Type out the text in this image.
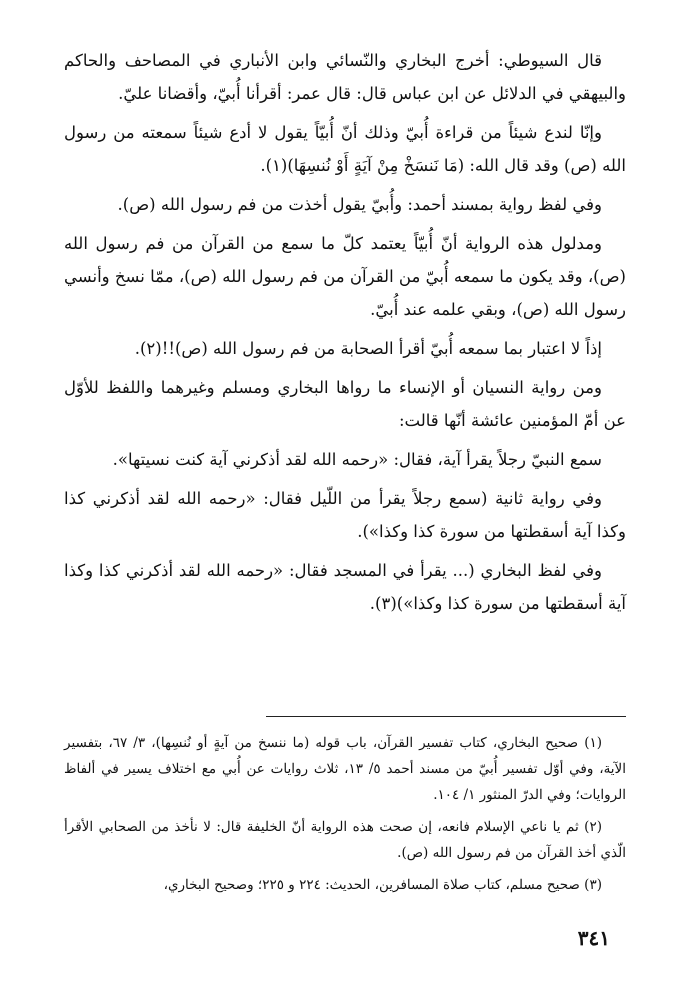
قال السيوطي: أخرج البخاري والنّسائي وابن الأنباري في المصاحف والحاكم والبيهقي في الدلائل عن ابن عباس قال: قال عمر: أقرأنا أُبيّ، وأقضانا عليّ.

وإنّا لندع شيئاً من قراءة أُبيّ وذلك أنّ أُبيّاً يقول لا أدع شيئاً سمعته من رسول الله (ص) وقد قال الله: (مَا نَنسَخْ مِنْ آيَةٍ أَوْ نُنسِهَا)(١).

وفي لفظ رواية بمسند أحمد: وأُبيّ يقول أخذت من فم رسول الله (ص).

ومدلول هذه الرواية أنّ أُبيّاً يعتمد كلّ ما سمع من القرآن من فم رسول الله (ص)، وقد يكون ما سمعه أُبيّ من القرآن من فم رسول الله (ص)، ممّا نسخ وأنسي رسول الله (ص)، وبقي علمه عند أُبيّ.

إذاً لا اعتبار بما سمعه أُبيّ أقرأ الصحابة من فم رسول الله (ص)!!(٢).

ومن رواية النسيان أو الإنساء ما رواها البخاري ومسلم وغيرهما واللفظ للأوّل عن أمّ المؤمنين عائشة أنّها قالت:

سمع النبيّ رجلاً يقرأ آية، فقال: «رحمه الله لقد أذكرني آية كنت نسيتها».

وفي رواية ثانية (سمع رجلاً يقرأ من اللّيل فقال: «رحمه الله لقد أذكرني كذا وكذا آية أسقطتها من سورة كذا وكذا»).

وفي لفظ البخاري (... يقرأ في المسجد فقال: «رحمه الله لقد أذكرني كذا وكذا آية أسقطتها من سورة كذا وكذا»)(٣).

(١) صحيح البخاري، كتاب تفسير القرآن، باب قوله (ما ننسخ من آيةٍ أو نُنسِها)، ٣/ ٦٧، بتفسير الآية، وفي أوّل تفسير أُبيّ من مسند أحمد ٥/ ١٣، ثلاث روايات عن أُبي مع اختلاف يسير في ألفاظ الروايات؛ وفي الدرّ المنثور ١/ ١٠٤.

(٢) ثم يا ناعي الإسلام فانعه، إن صحت هذه الرواية أنّ الخليفة قال: لا نأخذ من الصحابي الأقرأ الّذي أخذ القرآن من فم رسول الله (ص).

(٣) صحيح مسلم، كتاب صلاة المسافرين، الحديث: ٢٢٤ و ٢٢٥؛ وصحيح البخاري،

٣٤١
